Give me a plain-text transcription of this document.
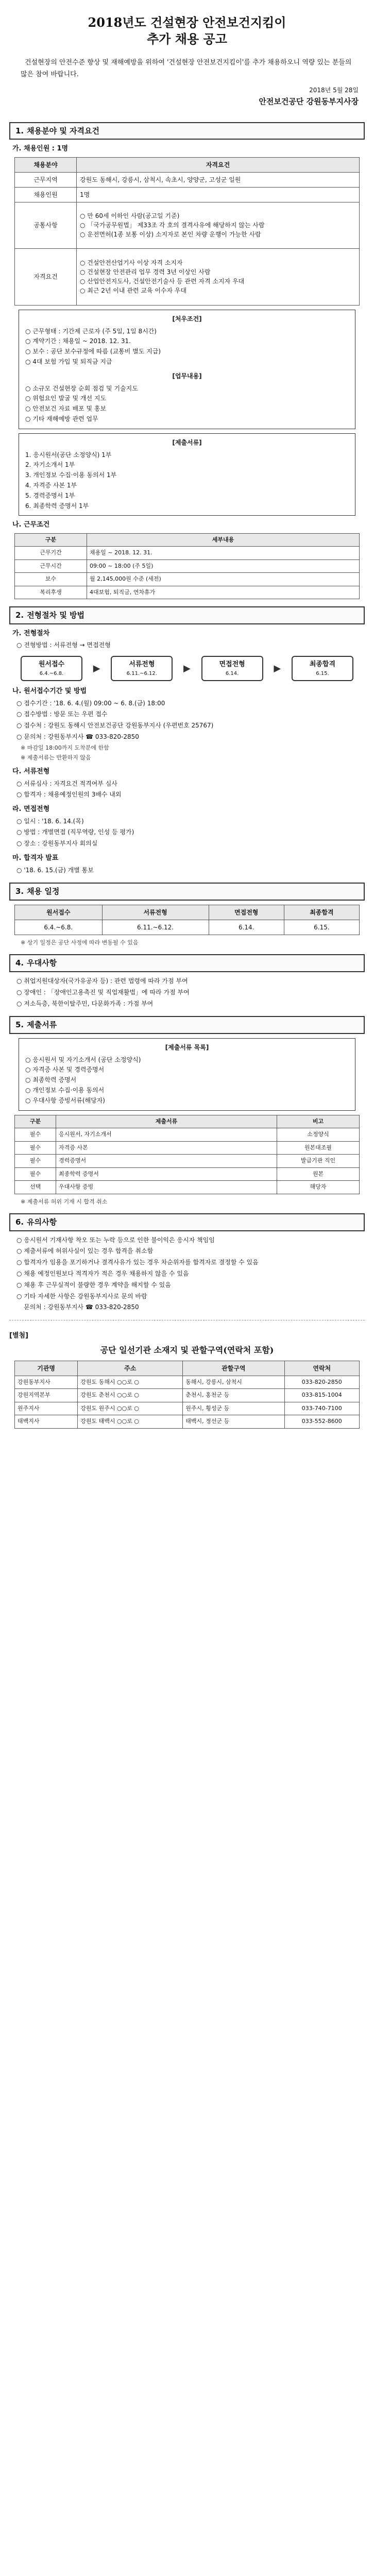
2018년도 건설현장 안전보건지킴이
추가 채용 공고
건설현장의 안전수준 향상 및 재해예방을 위하여 '건설현장 안전보건지킴이'를 추가 채용하오니 역량 있는 분들의 많은 참여 바랍니다.
2018년 5월 28일
안전보건공단 강원동부지사장
1. 채용분야 및 자격요건
가. 채용인원 : 1명
채용분야	자격요건
근무지역	강원도 동해시, 강릉시, 삼척시, 속초시, 양양군, 고성군 일원
채용인원	1명
공통사항	○ 만 60세 이하인 사람(공고일 기준)
○ 「국가공무원법」 제33조 각 호의 결격사유에 해당하지 않는 사람
○ 운전면허(1종 보통 이상) 소지자로 본인 차량 운행이 가능한 사람
자격요건	○ 건설안전산업기사 이상 자격 소지자
○ 건설현장 안전관리 업무 경력 3년 이상인 사람
○ 산업안전지도사, 건설안전기술사 등 관련 자격 소지자 우대
○ 최근 2년 이내 관련 교육 이수자 우대
[처우조건]
○ 근무형태 : 기간제 근로자 (주 5일, 1일 8시간)
○ 계약기간 : 채용일 ~ 2018. 12. 31.
○ 보수 : 공단 보수규정에 따름 (교통비 별도 지급)
○ 4대 보험 가입 및 퇴직금 지급
[업무내용]
○ 소규모 건설현장 순회 점검 및 기술지도
○ 위험요인 발굴 및 개선 지도
○ 안전보건 자료 배포 및 홍보
○ 기타 재해예방 관련 업무
[제출서류]
1. 응시원서(공단 소정양식) 1부
2. 자기소개서 1부
3. 개인정보 수집·이용 동의서 1부
4. 자격증 사본 1부
5. 경력증명서 1부
6. 최종학력 증명서 1부
나. 근무조건
구분	세부내용
근무기간	채용일 ~ 2018. 12. 31.
근무시간	09:00 ~ 18:00 (주 5일)
보수	월 2,145,000원 수준 (세전)
복리후생	4대보험, 퇴직금, 연차휴가
2. 전형절차 및 방법
가. 전형절차
○ 전형방법 : 서류전형 → 면접전형
원서접수
6.4.~6.8.	▶	서류전형
6.11.~6.12.	▶	면접전형
6.14.	▶	최종합격
6.15.
나. 원서접수기간 및 방법
○ 접수기간 : '18. 6. 4.(월) 09:00 ~ 6. 8.(금) 18:00
○ 접수방법 : 방문 또는 우편 접수
○ 접수처 : 강원도 동해시 안전보건공단 강원동부지사 (우편번호 25767)
○ 문의처 : 강원동부지사 ☎ 033-820-2850
※ 마감일 18:00까지 도착분에 한함
※ 제출서류는 반환하지 않음
다. 서류전형
○ 서류심사 : 자격요건 적격여부 심사
○ 합격자 : 채용예정인원의 3배수 내외
라. 면접전형
○ 일시 : '18. 6. 14.(목)
○ 방법 : 개별면접 (직무역량, 인성 등 평가)
○ 장소 : 강원동부지사 회의실
마. 합격자 발표
○ '18. 6. 15.(금) 개별 통보
3. 채용 일정
원서접수	서류전형	면접전형	최종합격
6.4.~6.8.	6.11.~6.12.	6.14.	6.15.
※ 상기 일정은 공단 사정에 따라 변동될 수 있음
4. 우대사항
○ 취업지원대상자(국가유공자 등) : 관련 법령에 따라 가점 부여
○ 장애인 : 「장애인고용촉진 및 직업재활법」에 따라 가점 부여
○ 저소득층, 북한이탈주민, 다문화가족 : 가점 부여
5. 제출서류
[제출서류 목록]
○ 응시원서 및 자기소개서 (공단 소정양식)
○ 자격증 사본 및 경력증명서
○ 최종학력 증명서
○ 개인정보 수집·이용 동의서
○ 우대사항 증빙서류(해당자)
구분	제출서류	비고
필수	응시원서, 자기소개서	소정양식
필수	자격증 사본	원본대조필
필수	경력증명서	발급기관 직인
필수	최종학력 증명서	원본
선택	우대사항 증빙	해당자
※ 제출서류 허위 기재 시 합격 취소
6. 유의사항
○ 응시원서 기재사항 착오 또는 누락 등으로 인한 불이익은 응시자 책임임
○ 제출서류에 허위사실이 있는 경우 합격을 취소함
○ 합격자가 임용을 포기하거나 결격사유가 있는 경우 차순위자를 합격자로 결정할 수 있음
○ 채용 예정인원보다 적격자가 적은 경우 채용하지 않을 수 있음
○ 채용 후 근무실적이 불량한 경우 계약을 해지할 수 있음
○ 기타 자세한 사항은 강원동부지사로 문의 바람
문의처 : 강원동부지사 ☎ 033-820-2850
[별첨]
공단 일선기관 소재지 및 관할구역(연락처 포함)
기관명	주소	관할구역	연락처
강원동부지사	강원도 동해시 ○○로 ○	동해시, 강릉시, 삼척시	033-820-2850
강원지역본부	강원도 춘천시 ○○로 ○	춘천시, 홍천군 등	033-815-1004
원주지사	강원도 원주시 ○○로 ○	원주시, 횡성군 등	033-740-7100
태백지사	강원도 태백시 ○○로 ○	태백시, 정선군 등	033-552-8600
